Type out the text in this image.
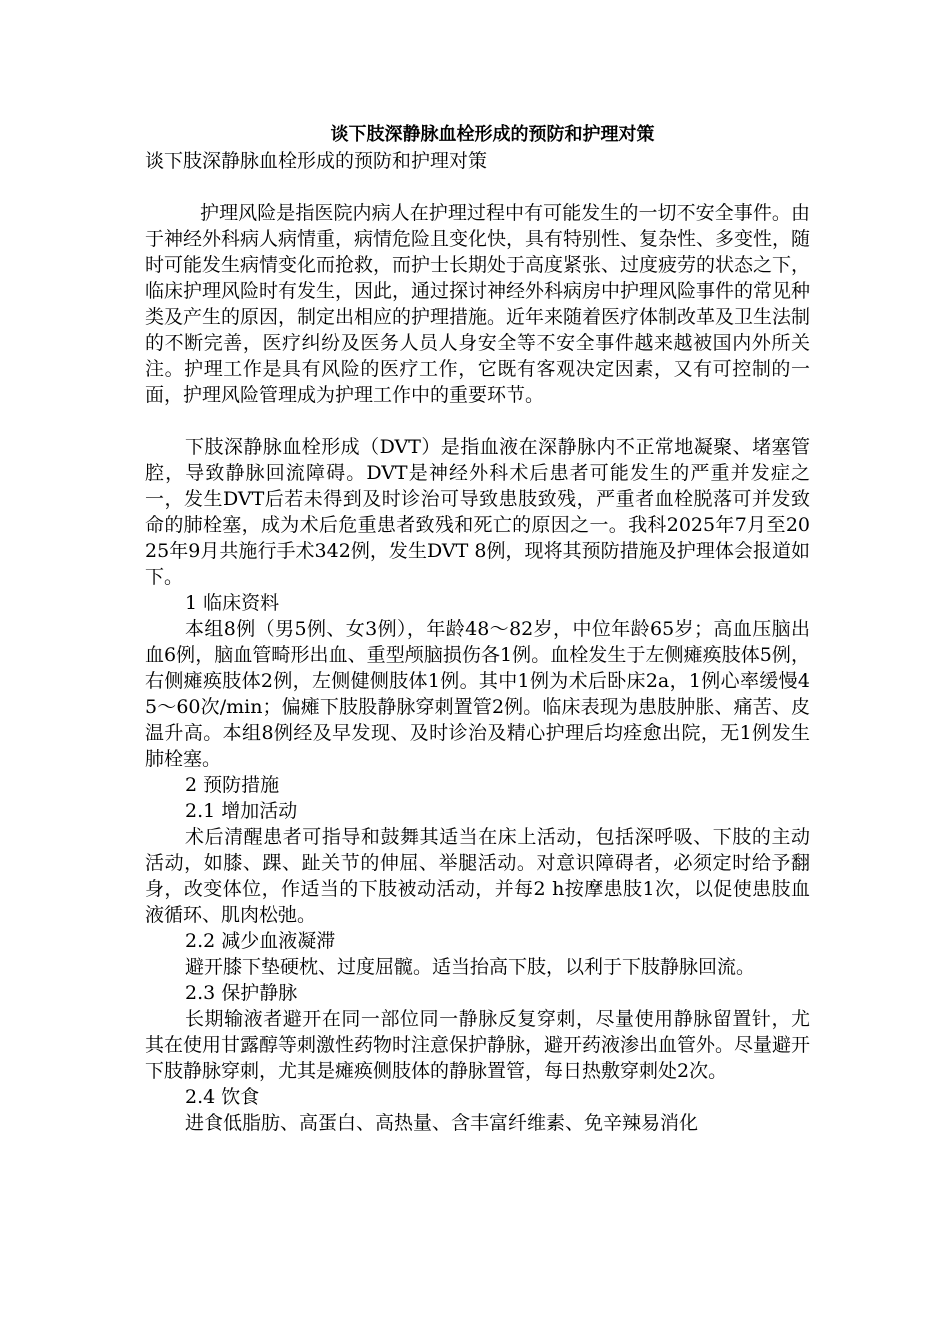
谈下肢深静脉血栓形成的预防和护理对策

谈下肢深静脉血栓形成的预防和护理对策

护理风险是指医院内病人在护理过程中有可能发生的一切不安全事件。由于神经外科病人病情重，病情危险且变化快，具有特别性、复杂性、多变性，随时可能发生病情变化而抢救，而护士长期处于高度紧张、过度疲劳的状态之下，临床护理风险时有发生，因此，通过探讨神经外科病房中护理风险事件的常见种类及产生的原因，制定出相应的护理措施。近年来随着医疗体制改革及卫生法制的不断完善，医疗纠纷及医务人员人身安全等不安全事件越来越被国内外所关注。护理工作是具有风险的医疗工作，它既有客观决定因素，又有可控制的一面，护理风险管理成为护理工作中的重要环节。

下肢深静脉血栓形成（DVT）是指血液在深静脉内不正常地凝聚、堵塞管腔，导致静脉回流障碍。DVT是神经外科术后患者可能发生的严重并发症之一，发生DVT后若未得到及时诊治可导致患肢致残，严重者血栓脱落可并发致命的肺栓塞，成为术后危重患者致残和死亡的原因之一。我科2025年7月至2025年9月共施行手术342例，发生DVT 8例，现将其预防措施及护理体会报道如下。

1 临床资料

本组8例（男5例、女3例），年龄48～82岁，中位年龄65岁；高血压脑出血6例，脑血管畸形出血、重型颅脑损伤各1例。血栓发生于左侧瘫痪肢体5例，右侧瘫痪肢体2例，左侧健侧肢体1例。其中1例为术后卧床2a，1例心率缓慢45～60次/min；偏瘫下肢股静脉穿刺置管2例。临床表现为患肢肿胀、痛苦、皮温升高。本组8例经及早发现、及时诊治及精心护理后均痊愈出院，无1例发生肺栓塞。

2 预防措施

2.1 增加活动

术后清醒患者可指导和鼓舞其适当在床上活动，包括深呼吸、下肢的主动活动，如膝、踝、趾关节的伸屈、举腿活动。对意识障碍者，必须定时给予翻身，改变体位，作适当的下肢被动活动，并每2 h按摩患肢1次，以促使患肢血液循环、肌肉松弛。

2.2 减少血液凝滞

避开膝下垫硬枕、过度屈髋。适当抬高下肢，以利于下肢静脉回流。

2.3 保护静脉

长期输液者避开在同一部位同一静脉反复穿刺，尽量使用静脉留置针，尤其在使用甘露醇等刺激性药物时注意保护静脉，避开药液渗出血管外。尽量避开下肢静脉穿刺，尤其是瘫痪侧肢体的静脉置管，每日热敷穿刺处2次。

2.4 饮食

进食低脂肪、高蛋白、高热量、含丰富纤维素、免辛辣易消化
